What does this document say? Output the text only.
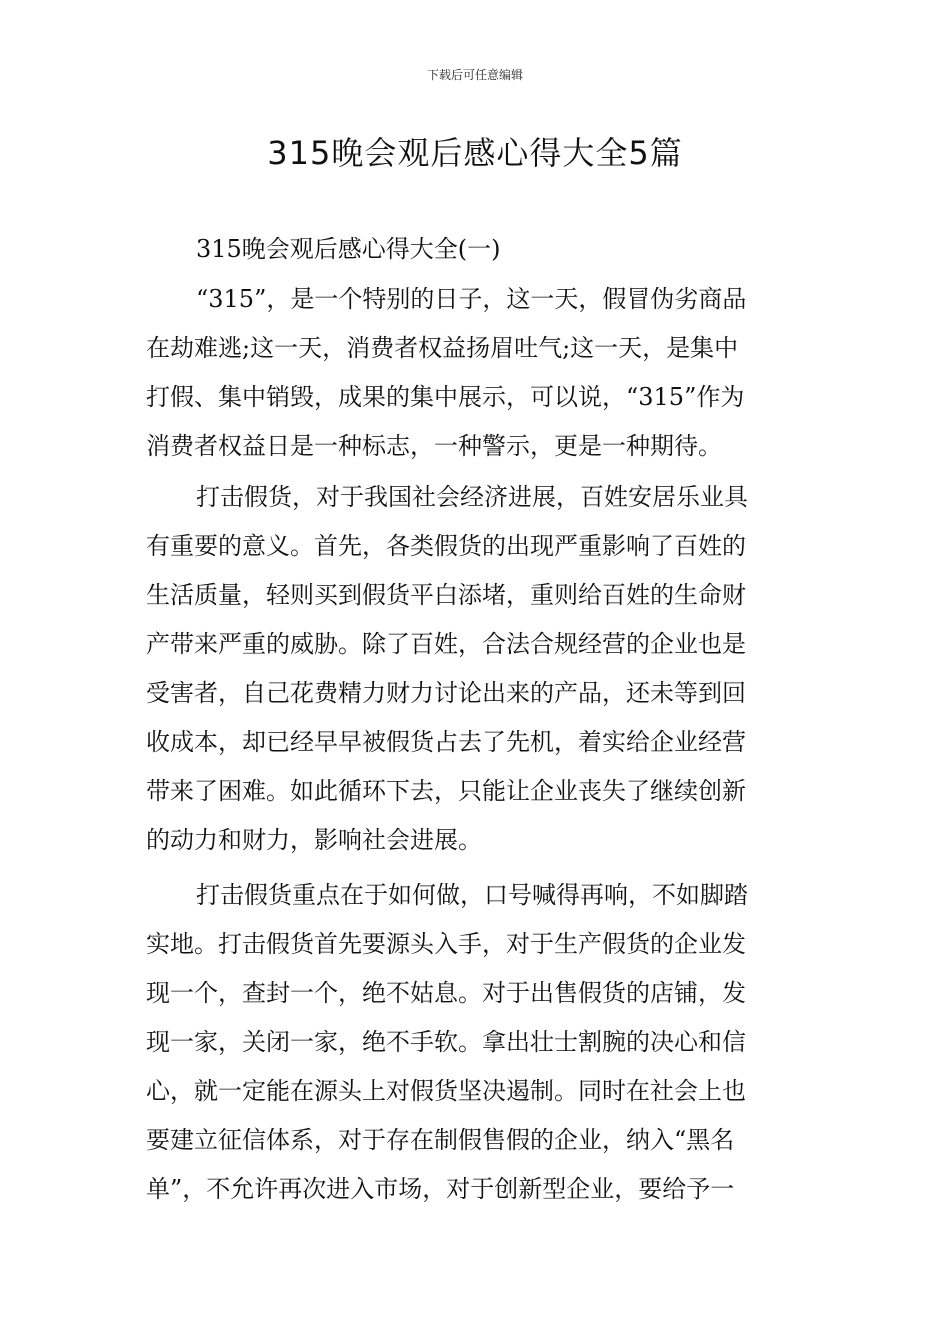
下载后可任意编辑
315晚会观后感心得大全5篇
315晚会观后感心得大全(一)
“315”，是一个特别的日子，这一天，假冒伪劣商品
在劫难逃;这一天，消费者权益扬眉吐气;这一天，是集中
打假、集中销毁，成果的集中展示，可以说，“315”作为
消费者权益日是一种标志，一种警示，更是一种期待。
打击假货，对于我国社会经济进展，百姓安居乐业具
有重要的意义。首先，各类假货的出现严重影响了百姓的
生活质量，轻则买到假货平白添堵，重则给百姓的生命财
产带来严重的威胁。除了百姓，合法合规经营的企业也是
受害者，自己花费精力财力讨论出来的产品，还未等到回
收成本，却已经早早被假货占去了先机，着实给企业经营
带来了困难。如此循环下去，只能让企业丧失了继续创新
的动力和财力，影响社会进展。
打击假货重点在于如何做，口号喊得再响，不如脚踏
实地。打击假货首先要源头入手，对于生产假货的企业发
现一个，查封一个，绝不姑息。对于出售假货的店铺，发
现一家，关闭一家，绝不手软。拿出壮士割腕的决心和信
心，就一定能在源头上对假货坚决遏制。同时在社会上也
要建立征信体系，对于存在制假售假的企业，纳入“黑名
单”，不允许再次进入市场，对于创新型企业，要给予一
